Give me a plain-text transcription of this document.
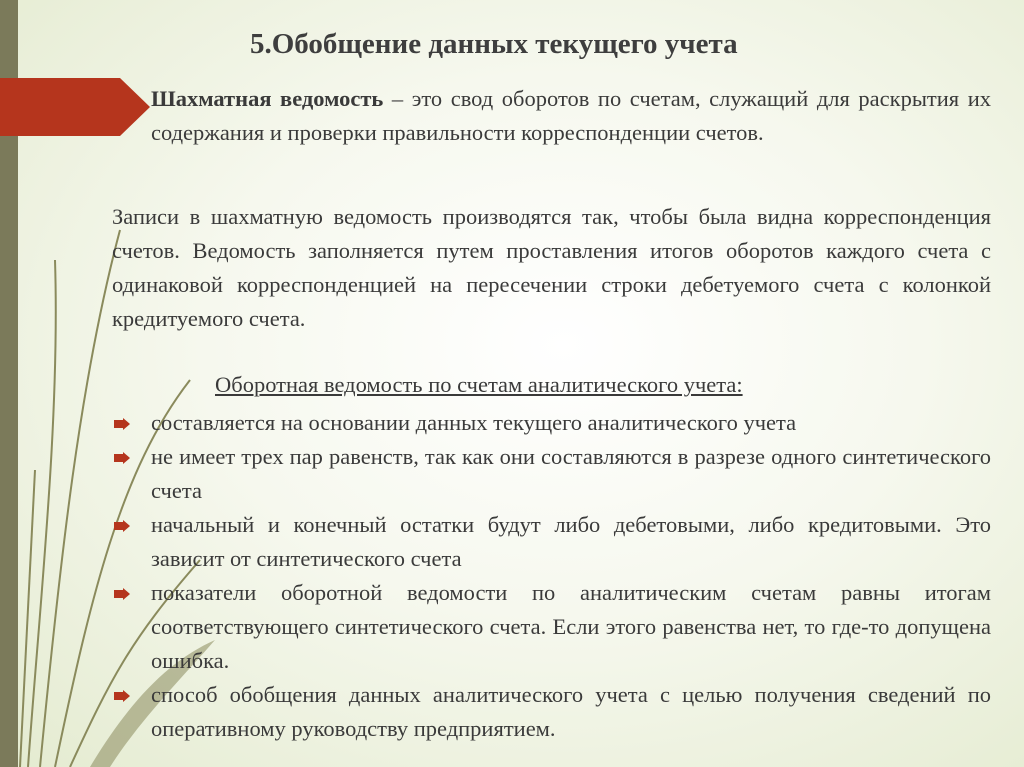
5.Обобщение данных текущего учета
Шахматная ведомость – это свод оборотов по счетам, служащий для раскрытия их содержания и проверки правильности корреспонденции счетов.
Записи в шахматную ведомость производятся так, чтобы была видна корреспонденция счетов. Ведомость заполняется путем проставления итогов оборотов каждого счета с одинаковой корреспонденцией на пересечении строки дебетуемого счета с колонкой кредитуемого счета.
Оборотная ведомость по счетам аналитического учета:
составляется на основании данных текущего аналитического учета
не имеет трех пар равенств, так как они составляются в разрезе одного синтетического счета
начальный и конечный остатки будут либо дебетовыми, либо кредитовыми. Это зависит от синтетического счета
показатели оборотной ведомости по аналитическим счетам равны итогам соответствующего синтетического счета. Если этого равенства нет, то где-то допущена ошибка.
способ обобщения данных аналитического учета с целью получения сведений по оперативному руководству предприятием.
